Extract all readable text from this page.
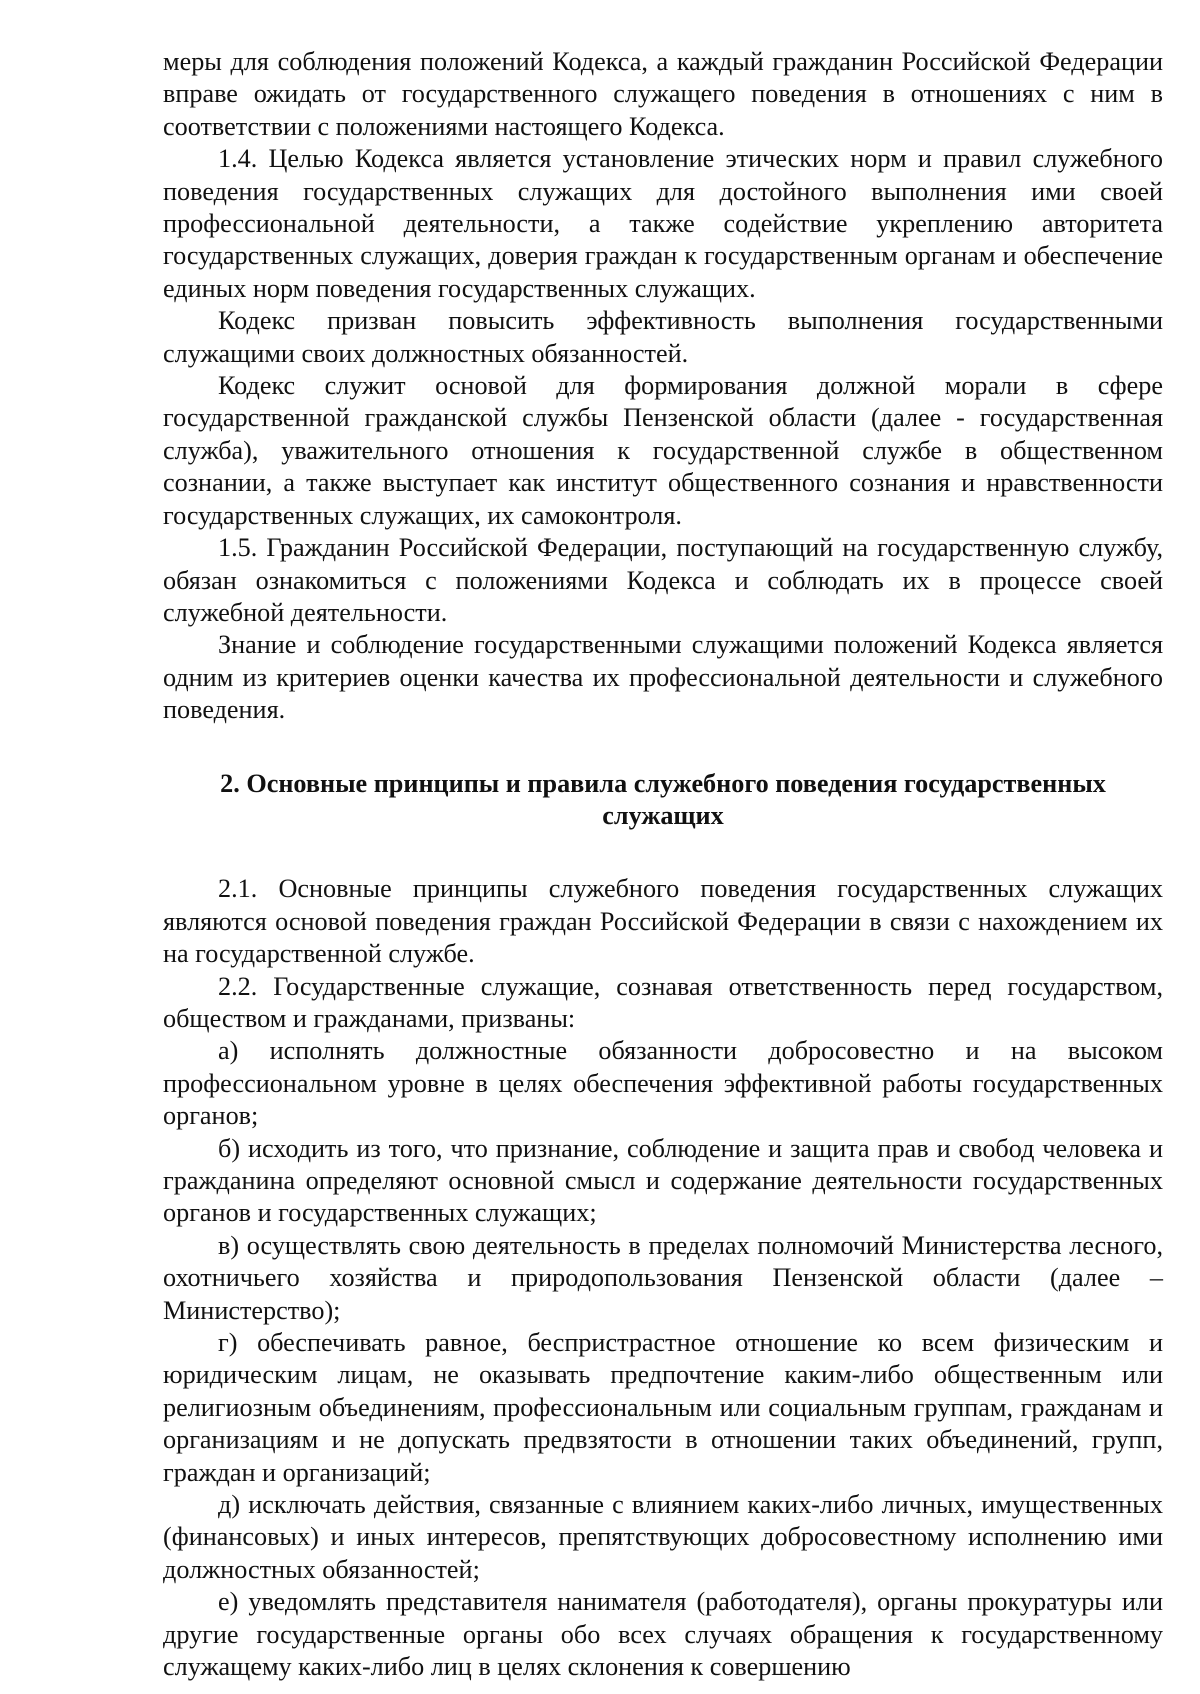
меры для соблюдения положений Кодекса, а каждый гражданин Российской Федерации вправе ожидать от государственного служащего поведения в отношениях с ним в соответствии с положениями настоящего Кодекса.

1.4. Целью Кодекса является установление этических норм и правил служебного поведения государственных служащих для достойного выполнения ими своей профессиональной деятельности, а также содействие укреплению авторитета государственных служащих, доверия граждан к государственным органам и обеспечение единых норм поведения государственных служащих.

Кодекс призван повысить эффективность выполнения государственными служащими своих должностных обязанностей.

Кодекс служит основой для формирования должной морали в сфере государственной гражданской службы Пензенской области (далее - государственная служба), уважительного отношения к государственной службе в общественном сознании, а также выступает как институт общественного сознания и нравственности государственных служащих, их самоконтроля.

1.5. Гражданин Российской Федерации, поступающий на государственную службу, обязан ознакомиться с положениями Кодекса и соблюдать их в процессе своей служебной деятельности.

Знание и соблюдение государственными служащими положений Кодекса является одним из критериев оценки качества их профессиональной деятельности и служебного поведения.

2. Основные принципы и правила служебного поведения государственных служащих

2.1. Основные принципы служебного поведения государственных служащих являются основой поведения граждан Российской Федерации в связи с нахождением их на государственной службе.

2.2. Государственные служащие, сознавая ответственность перед государством, обществом и гражданами, призваны:

а) исполнять должностные обязанности добросовестно и на высоком профессиональном уровне в целях обеспечения эффективной работы государственных органов;

б) исходить из того, что признание, соблюдение и защита прав и свобод человека и гражданина определяют основной смысл и содержание деятельности государственных органов и государственных служащих;

в) осуществлять свою деятельность в пределах полномочий Министерства лесного, охотничьего хозяйства и природопользования Пензенской области (далее – Министерство);

г) обеспечивать равное, беспристрастное отношение ко всем физическим и юридическим лицам, не оказывать предпочтение каким-либо общественным или религиозным объединениям, профессиональным или социальным группам, гражданам и организациям и не допускать предвзятости в отношении таких объединений, групп, граждан и организаций;

д) исключать действия, связанные с влиянием каких-либо личных, имущественных (финансовых) и иных интересов, препятствующих добросовестному исполнению ими должностных обязанностей;

е) уведомлять представителя нанимателя (работодателя), органы прокуратуры или другие государственные органы обо всех случаях обращения к государственному служащему каких-либо лиц в целях склонения к совершению
